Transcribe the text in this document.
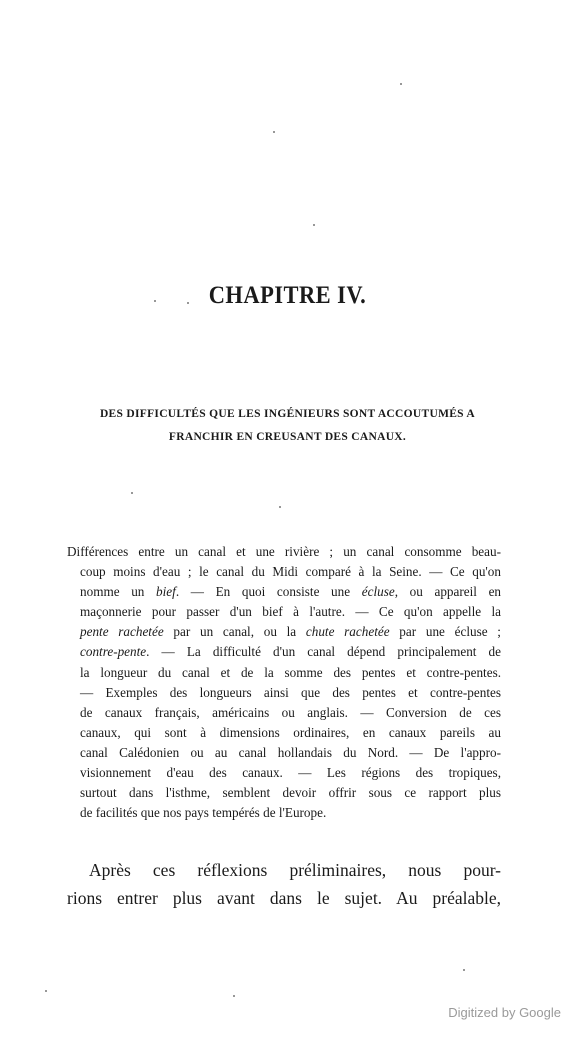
CHAPITRE IV.
DES DIFFICULTÉS QUE LES INGÉNIEURS SONT ACCOUTUMÉS A
FRANCHIR EN CREUSANT DES CANAUX.
Différences entre un canal et une rivière ; un canal consomme beau-
coup moins d'eau ; le canal du Midi comparé à la Seine. — Ce qu'on
nomme un bief. — En quoi consiste une écluse, ou appareil en
maçonnerie pour passer d'un bief à l'autre. — Ce qu'on appelle la
pente rachetée par un canal, ou la chute rachetée par une écluse ;
contre-pente. — La difficulté d'un canal dépend principalement de
la longueur du canal et de la somme des pentes et contre-pentes.
— Exemples des longueurs ainsi que des pentes et contre-pentes
de canaux français, américains ou anglais. — Conversion de ces
canaux, qui sont à dimensions ordinaires, en canaux pareils au
canal Calédonien ou au canal hollandais du Nord. — De l'appro-
visionnement d'eau des canaux. — Les régions des tropiques,
surtout dans l'isthme, semblent devoir offrir sous ce rapport plus
de facilités que nos pays tempérés de l'Europe.
Après ces réflexions préliminaires, nous pour-
rions entrer plus avant dans le sujet. Au préalable,
Digitized by Google
